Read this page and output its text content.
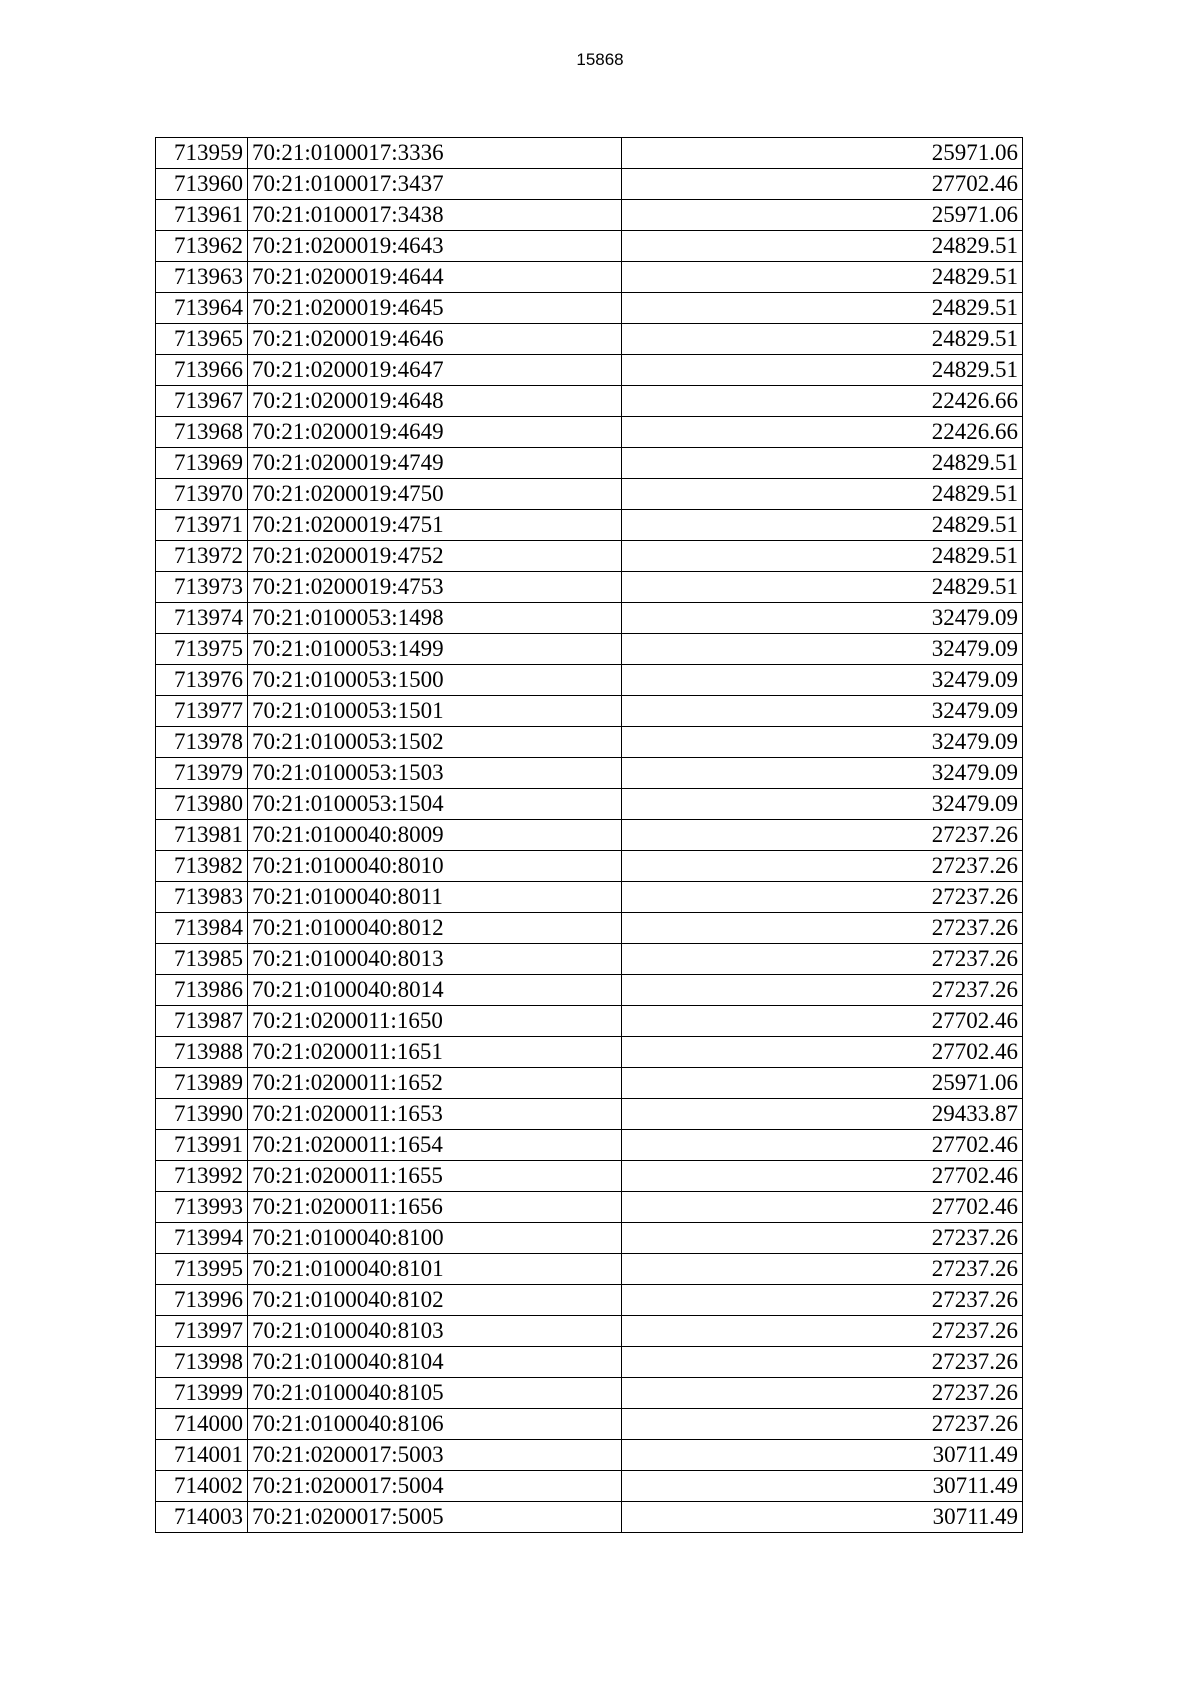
15868
713959	70:21:0100017:3336	25971.06
713960	70:21:0100017:3437	27702.46
713961	70:21:0100017:3438	25971.06
713962	70:21:0200019:4643	24829.51
713963	70:21:0200019:4644	24829.51
713964	70:21:0200019:4645	24829.51
713965	70:21:0200019:4646	24829.51
713966	70:21:0200019:4647	24829.51
713967	70:21:0200019:4648	22426.66
713968	70:21:0200019:4649	22426.66
713969	70:21:0200019:4749	24829.51
713970	70:21:0200019:4750	24829.51
713971	70:21:0200019:4751	24829.51
713972	70:21:0200019:4752	24829.51
713973	70:21:0200019:4753	24829.51
713974	70:21:0100053:1498	32479.09
713975	70:21:0100053:1499	32479.09
713976	70:21:0100053:1500	32479.09
713977	70:21:0100053:1501	32479.09
713978	70:21:0100053:1502	32479.09
713979	70:21:0100053:1503	32479.09
713980	70:21:0100053:1504	32479.09
713981	70:21:0100040:8009	27237.26
713982	70:21:0100040:8010	27237.26
713983	70:21:0100040:8011	27237.26
713984	70:21:0100040:8012	27237.26
713985	70:21:0100040:8013	27237.26
713986	70:21:0100040:8014	27237.26
713987	70:21:0200011:1650	27702.46
713988	70:21:0200011:1651	27702.46
713989	70:21:0200011:1652	25971.06
713990	70:21:0200011:1653	29433.87
713991	70:21:0200011:1654	27702.46
713992	70:21:0200011:1655	27702.46
713993	70:21:0200011:1656	27702.46
713994	70:21:0100040:8100	27237.26
713995	70:21:0100040:8101	27237.26
713996	70:21:0100040:8102	27237.26
713997	70:21:0100040:8103	27237.26
713998	70:21:0100040:8104	27237.26
713999	70:21:0100040:8105	27237.26
714000	70:21:0100040:8106	27237.26
714001	70:21:0200017:5003	30711.49
714002	70:21:0200017:5004	30711.49
714003	70:21:0200017:5005	30711.49
